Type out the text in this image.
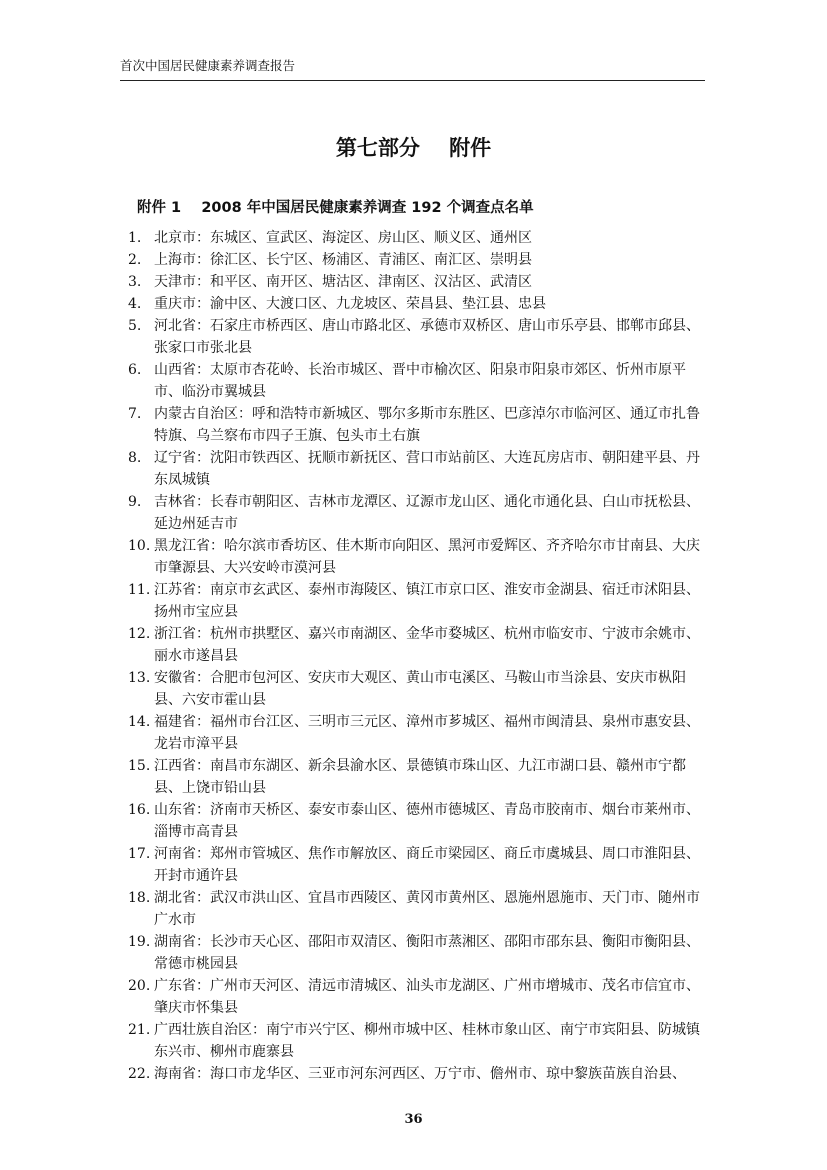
首次中国居民健康素养调查报告
第七部分    附件
附件 1    2008 年中国居民健康素养调查 192 个调查点名单
1. 北京市：东城区、宣武区、海淀区、房山区、顺义区、通州区
2. 上海市：徐汇区、长宁区、杨浦区、青浦区、南汇区、崇明县
3. 天津市：和平区、南开区、塘沽区、津南区、汉沽区、武清区
4. 重庆市：渝中区、大渡口区、九龙坡区、荣昌县、垫江县、忠县
5. 河北省：石家庄市桥西区、唐山市路北区、承德市双桥区、唐山市乐亭县、邯郸市邱县、张家口市张北县
6. 山西省：太原市杏花岭、长治市城区、晋中市榆次区、阳泉市阳泉市郊区、忻州市原平市、临汾市翼城县
7. 内蒙古自治区：呼和浩特市新城区、鄂尔多斯市东胜区、巴彦淖尔市临河区、通辽市扎鲁特旗、乌兰察布市四子王旗、包头市土右旗
8. 辽宁省：沈阳市铁西区、抚顺市新抚区、营口市站前区、大连瓦房店市、朝阳建平县、丹东凤城镇
9. 吉林省：长春市朝阳区、吉林市龙潭区、辽源市龙山区、通化市通化县、白山市抚松县、延边州延吉市
10. 黑龙江省：哈尔滨市香坊区、佳木斯市向阳区、黑河市爱辉区、齐齐哈尔市甘南县、大庆市肇源县、大兴安岭市漠河县
11. 江苏省：南京市玄武区、泰州市海陵区、镇江市京口区、淮安市金湖县、宿迁市沭阳县、扬州市宝应县
12. 浙江省：杭州市拱墅区、嘉兴市南湖区、金华市婺城区、杭州市临安市、宁波市余姚市、丽水市遂昌县
13. 安徽省：合肥市包河区、安庆市大观区、黄山市屯溪区、马鞍山市当涂县、安庆市枞阳县、六安市霍山县
14. 福建省：福州市台江区、三明市三元区、漳州市芗城区、福州市闽清县、泉州市惠安县、龙岩市漳平县
15. 江西省：南昌市东湖区、新余县渝水区、景德镇市珠山区、九江市湖口县、赣州市宁都县、上饶市铅山县
16. 山东省：济南市天桥区、泰安市泰山区、德州市德城区、青岛市胶南市、烟台市莱州市、淄博市高青县
17. 河南省：郑州市管城区、焦作市解放区、商丘市梁园区、商丘市虞城县、周口市淮阳县、开封市通许县
18. 湖北省：武汉市洪山区、宜昌市西陵区、黄冈市黄州区、恩施州恩施市、天门市、随州市广水市
19. 湖南省：长沙市天心区、邵阳市双清区、衡阳市蒸湘区、邵阳市邵东县、衡阳市衡阳县、常德市桃园县
20. 广东省：广州市天河区、清远市清城区、汕头市龙湖区、广州市增城市、茂名市信宜市、肇庆市怀集县
21. 广西壮族自治区：南宁市兴宁区、柳州市城中区、桂林市象山区、南宁市宾阳县、防城镇东兴市、柳州市鹿寨县
22. 海南省：海口市龙华区、三亚市河东河西区、万宁市、儋州市、琼中黎族苗族自治县、
36
